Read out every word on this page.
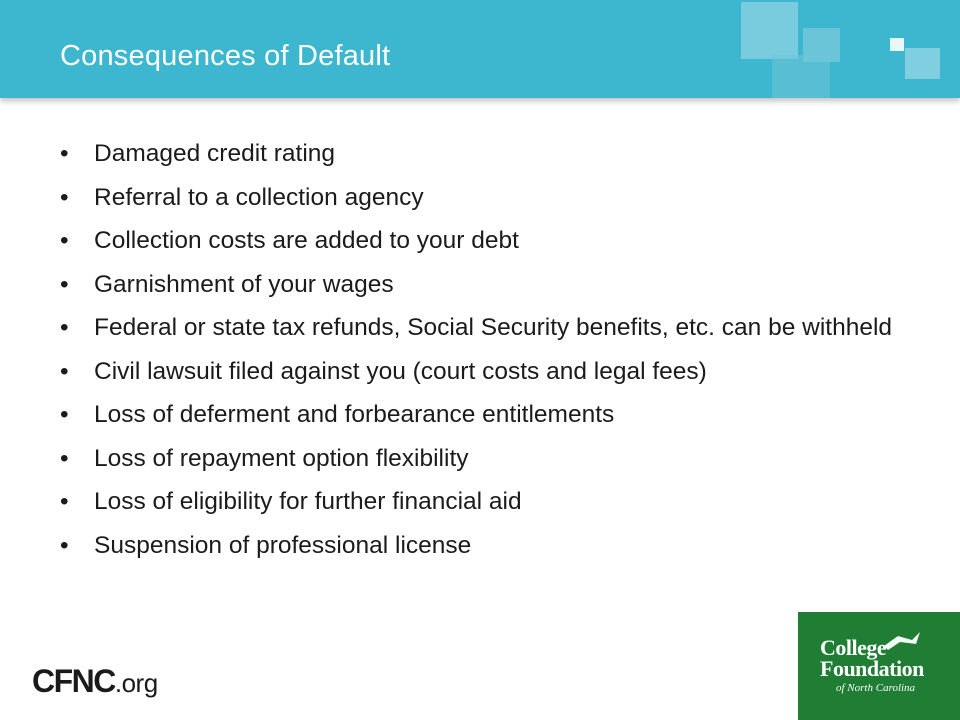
Consequences of Default
• Damaged credit rating
• Referral to a collection agency
• Collection costs are added to your debt
• Garnishment of your wages
• Federal or state tax refunds, Social Security benefits, etc. can be withheld
• Civil lawsuit filed against you (court costs and legal fees)
• Loss of deferment and forbearance entitlements
• Loss of repayment option flexibility
• Loss of eligibility for further financial aid
• Suspension of professional license
CFNC.org
College
Foundation
of North Carolina
